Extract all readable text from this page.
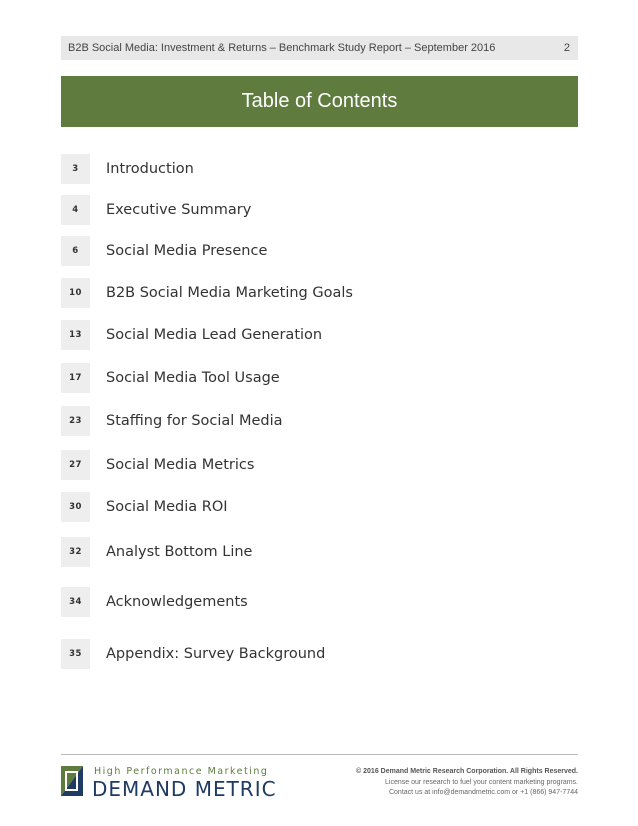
B2B Social Media: Investment & Returns – Benchmark Study Report – September 2016	2
Table of Contents
3	Introduction
4	Executive Summary
6	Social Media Presence
10	B2B Social Media Marketing Goals
13	Social Media Lead Generation
17	Social Media Tool Usage
23	Staffing for Social Media
27	Social Media Metrics
30	Social Media ROI
32	Analyst Bottom Line
34	Acknowledgements
35	Appendix: Survey Background
High Performance Marketing
DEMAND METRIC
© 2016 Demand Metric Research Corporation. All Rights Reserved.
License our research to fuel your content marketing programs.
Contact us at info@demandmetric.com or +1 (866) 947-7744
